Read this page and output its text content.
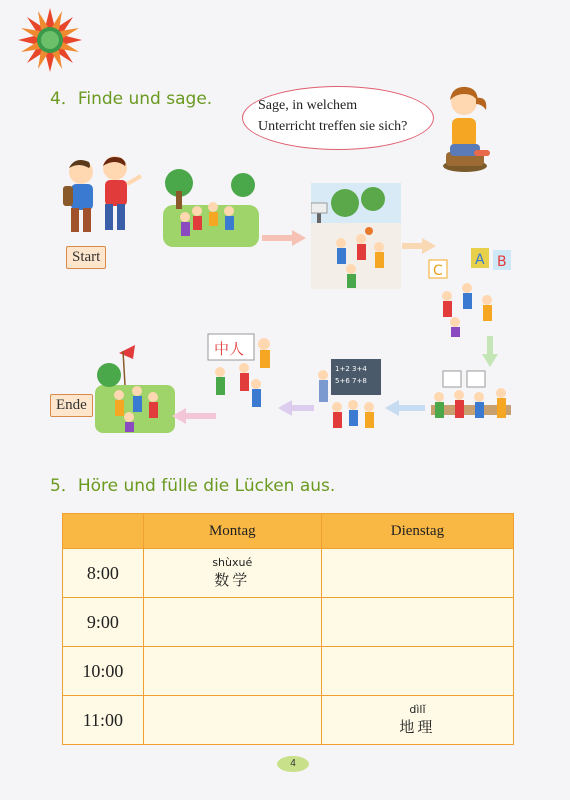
4．Finde und sage.	Sage, in welchem
Unterricht treffen sie sich?
Start
Ende
C
A B
1+2 3+4
5+6 7+8
中人
5．Höre und fülle die Lücken aus.
	Montag	Dienstag
8:00	shùxué
数学	

9:00	

10:00	

11:00		dìlǐ
地理
4
